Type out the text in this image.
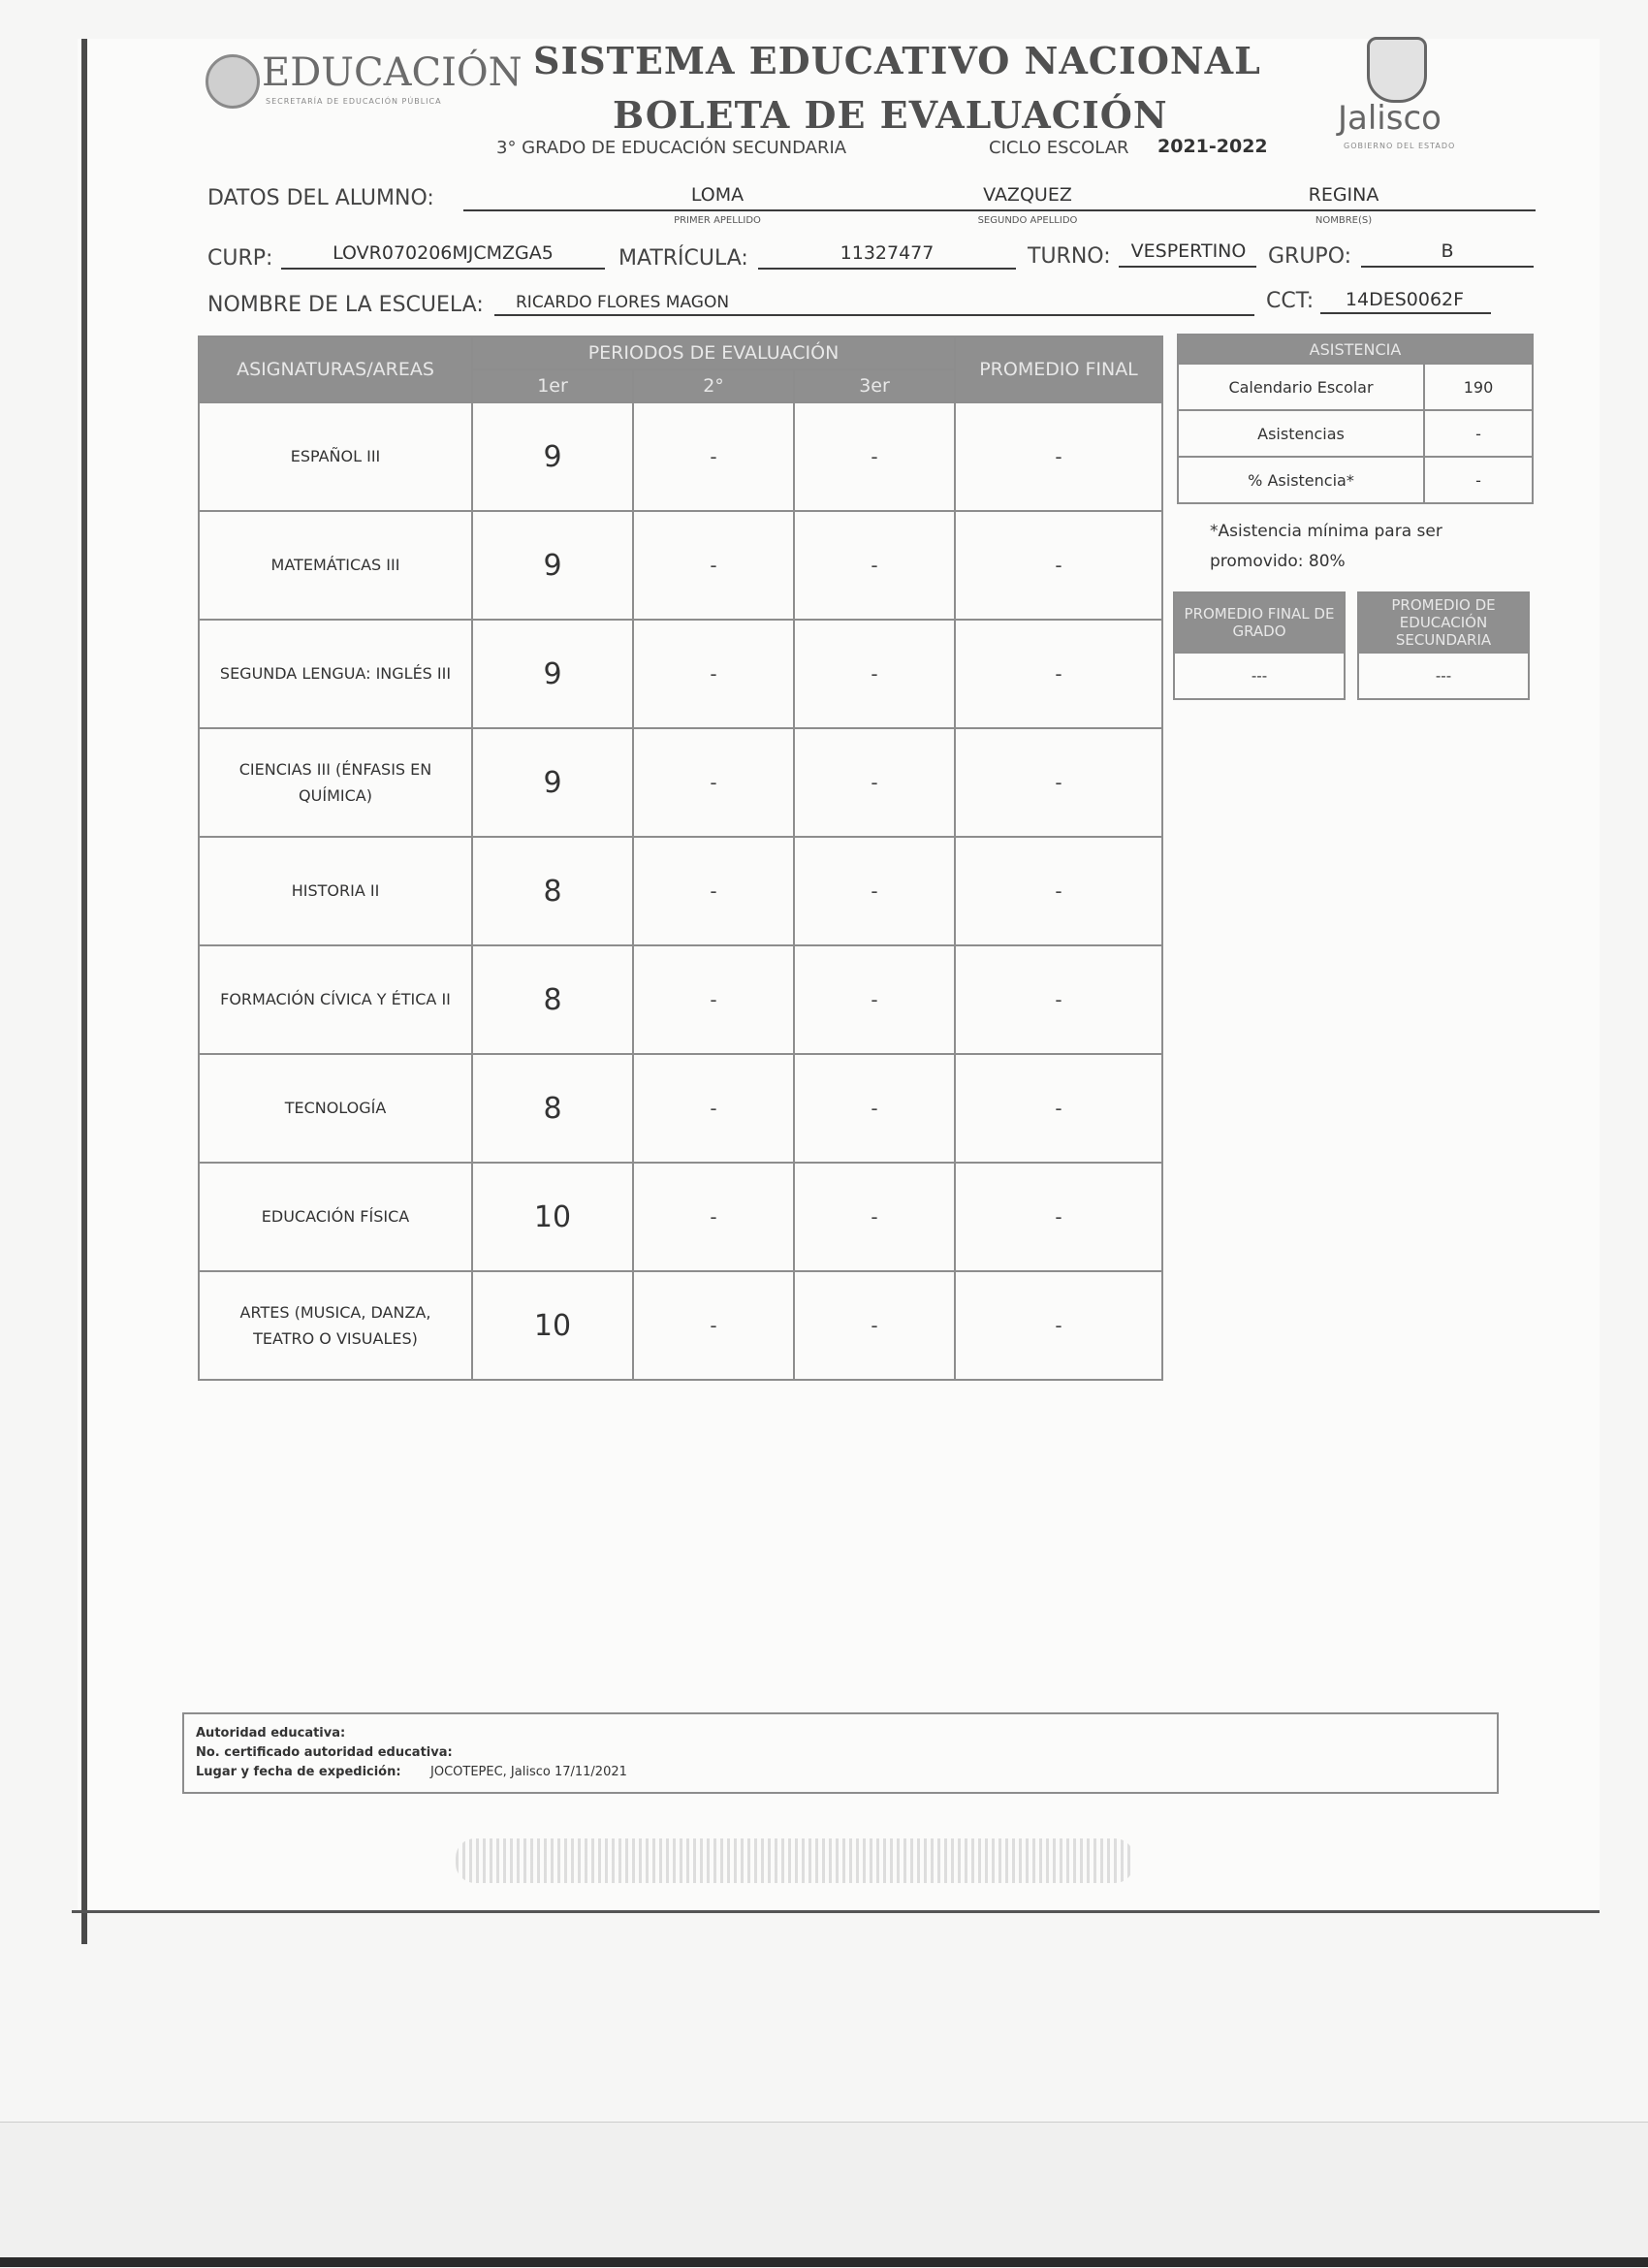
EDUCACIÓN
SECRETARÍA DE EDUCACIÓN PÚBLICA
SISTEMA EDUCATIVO NACIONAL
BOLETA DE EVALUACIÓN
3° GRADO DE EDUCACIÓN SECUNDARIA	CICLO ESCOLAR 2021-2022
Jalisco
GOBIERNO DEL ESTADO
DATOS DEL ALUMNO:	LOMA
PRIMER APELLIDO
VAZQUEZ
SEGUNDO APELLIDO
REGINA
NOMBRE(S)
CURP:	LOVR070206MJCMZGA5	MATRÍCULA:	11327477	TURNO:	VESPERTINO	GRUPO:	B
NOMBRE DE LA ESCUELA:	RICARDO FLORES MAGON	CCT:	14DES0062F
ASIGNATURAS/AREAS	PERIODOS DE EVALUACIÓN			PROMEDIO FINAL
	1er	2°	3er	
ESPAÑOL III	9	-	-	-
MATEMÁTICAS III	9	-	-	-
SEGUNDA LENGUA: INGLÉS III	9	-	-	-
CIENCIAS III (ÉNFASIS EN QUÍMICA)	9	-	-	-
HISTORIA II	8	-	-	-
FORMACIÓN CÍVICA Y ÉTICA II	8	-	-	-
TECNOLOGÍA	8	-	-	-
EDUCACIÓN FÍSICA	10	-	-	-
ARTES (MUSICA, DANZA, TEATRO O VISUALES)	10	-	-	-
ASISTENCIA	
Calendario Escolar	190
Asistencias	-
% Asistencia*	-
*Asistencia mínima para ser promovido: 80%
PROMEDIO FINAL DE GRADO
---
PROMEDIO DE EDUCACIÓN SECUNDARIA
---
Autoridad educativa:
No. certificado autoridad educativa:
Lugar y fecha de expedición: JOCOTEPEC, Jalisco 17/11/2021
